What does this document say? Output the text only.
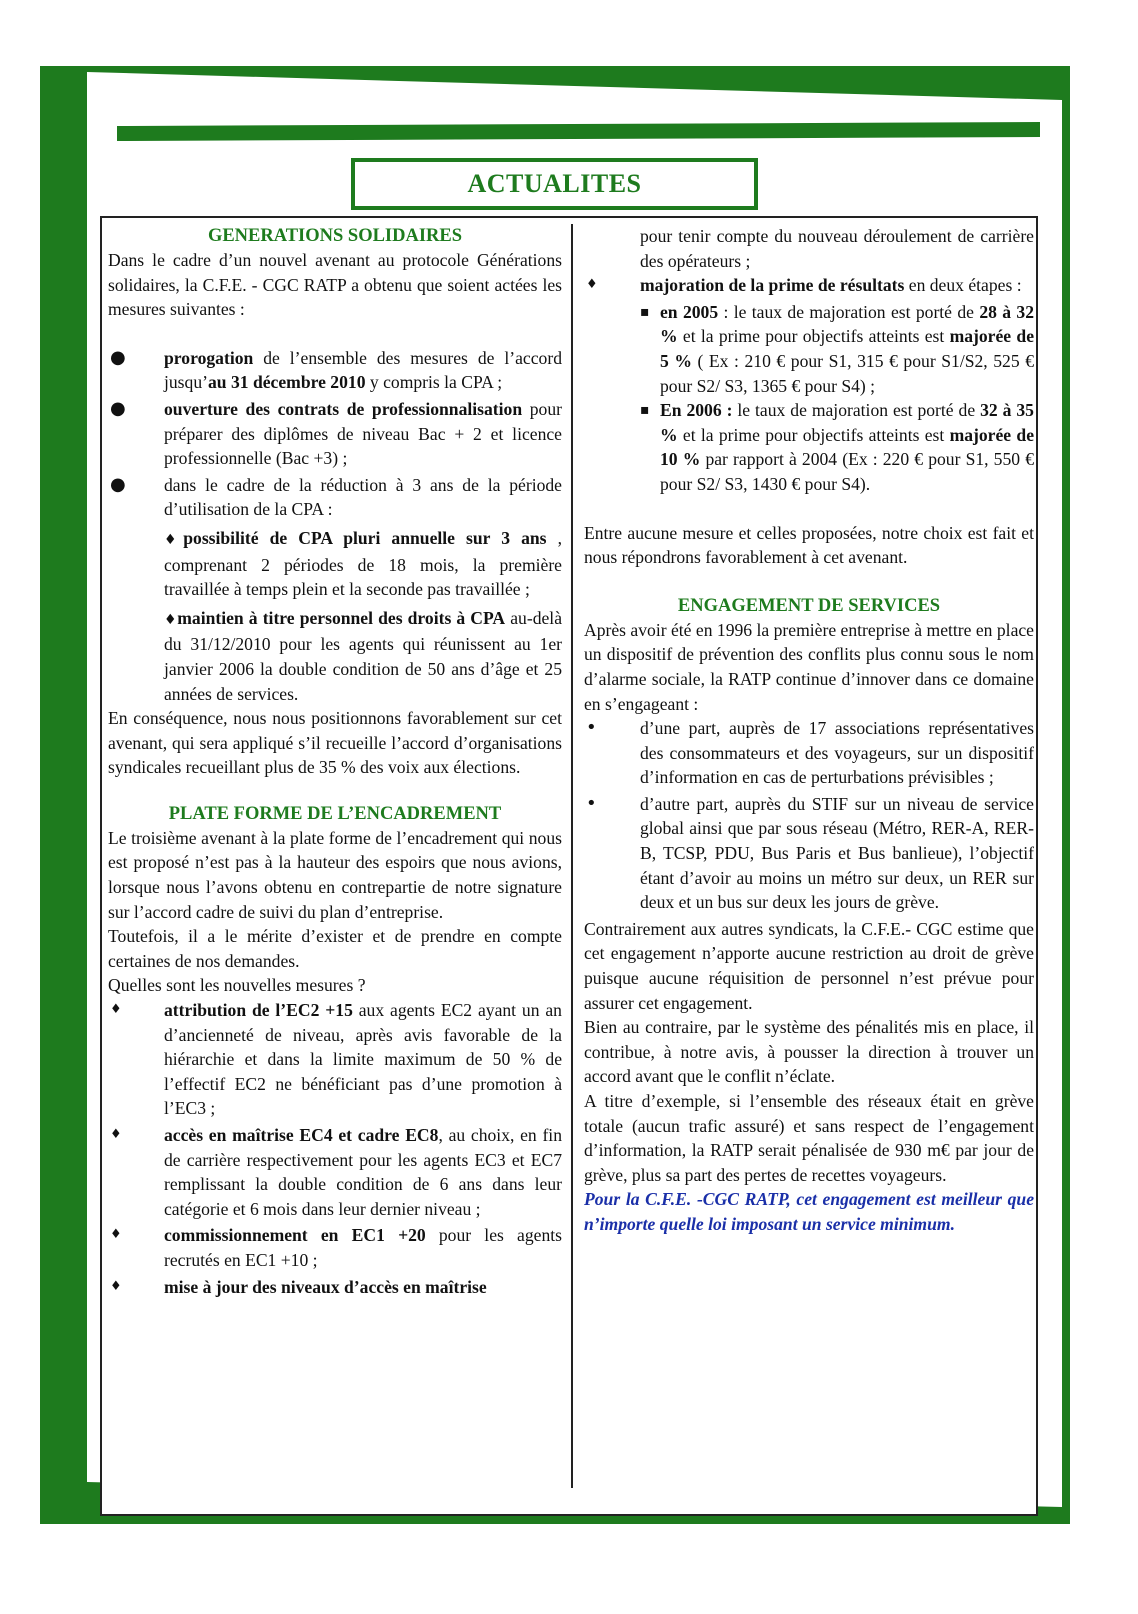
ACTUALITES
GENERATIONS SOLIDAIRES

Dans le cadre d’un nouvel avenant au protocole Générations solidaires, la C.F.E. - CGC RATP a obtenu que soient actées les mesures suivantes :

●	prorogation de l’ensemble des mesures de l’accord jusqu’au 31 décembre 2010 y compris la CPA ;
●	ouverture des contrats de professionnalisation pour préparer des diplômes de niveau Bac + 2 et licence professionnelle (Bac +3) ;
●	dans le cadre de la réduction à 3 ans de la période d’utilisation de la CPA :
♦possibilité de CPA pluri annuelle sur 3 ans , comprenant 2 périodes de 18 mois, la première travaillée à temps plein et la seconde pas travaillée ;
♦maintien à titre personnel des droits à CPA au-delà du 31/12/2010 pour les agents qui réunissent au 1er janvier 2006 la double condition de 50 ans d’âge et 25 années de services.

En conséquence, nous nous positionnons favorablement sur cet avenant, qui sera appliqué s’il recueille l’accord d’organisations syndicales recueillant plus de 35 % des voix aux élections.

PLATE FORME DE L’ENCADREMENT

Le troisième avenant à la plate forme de l’encadrement qui nous est proposé n’est pas à la hauteur des espoirs que nous avions, lorsque nous l’avons obtenu en contrepartie de notre signature sur l’accord cadre de suivi du plan d’entreprise.

Toutefois, il a le mérite d’exister et de prendre en compte certaines de nos demandes.

Quelles sont les nouvelles mesures ?

♦	attribution de l’EC2 +15 aux agents EC2 ayant un an d’ancienneté de niveau, après avis favorable de la hiérarchie et dans la limite maximum de 50 % de l’effectif EC2 ne bénéficiant pas d’une promotion à l’EC3 ;
♦	accès en maîtrise EC4 et cadre EC8, au choix, en fin de carrière respectivement pour les agents EC3 et EC7 remplissant la double condition de 6 ans dans leur catégorie et 6 mois dans leur dernier niveau ;
♦	commissionnement en EC1 +20 pour les agents recrutés en EC1 +10 ;
♦	mise à jour des niveaux d’accès en maîtrise

pour tenir compte du nouveau déroulement de carrière des opérateurs ;

♦	majoration de la prime de résultats en deux étapes :
▪ en 2005 : le taux de majoration est porté de 28 à 32 % et la prime pour objectifs atteints est majorée de 5 % ( Ex : 210 € pour S1, 315 € pour S1/S2, 525 € pour S2/ S3, 1365 € pour S4) ;
▪ En 2006 : le taux de majoration est porté de 32 à 35 % et la prime pour objectifs atteints est majorée de 10 % par rapport à 2004 (Ex : 220 € pour S1, 550 € pour S2/ S3, 1430 € pour S4).

Entre aucune mesure et celles proposées, notre choix est fait et nous répondrons favorablement à cet avenant.

ENGAGEMENT DE SERVICES

Après avoir été en 1996 la première entreprise à mettre en place un dispositif de prévention des conflits plus connu sous le nom d’alarme sociale, la RATP continue d’innover dans ce domaine en s’engageant :

•	d’une part, auprès de 17 associations représentatives des consommateurs et des voyageurs, sur un dispositif d’information en cas de perturbations prévisibles ;
•	d’autre part, auprès du STIF sur un niveau de service global ainsi que par sous réseau (Métro, RER-A, RER-B, TCSP, PDU, Bus Paris et Bus banlieue), l’objectif étant d’avoir au moins un métro sur deux, un RER sur deux et un bus sur deux les jours de grève.

Contrairement aux autres syndicats, la C.F.E.- CGC estime que cet engagement n’apporte aucune restriction au droit de grève puisque aucune réquisition de personnel n’est prévue pour assurer cet engagement.

Bien au contraire, par le système des pénalités mis en place, il contribue, à notre avis, à pousser la direction à trouver un accord avant que le conflit n’éclate.

A titre d’exemple, si l’ensemble des réseaux était en grève totale (aucun trafic assuré) et sans respect de l’engagement d’information, la RATP serait pénalisée de 930 m€ par jour de grève, plus sa part des pertes de recettes voyageurs.

Pour la C.F.E. -CGC RATP, cet engagement est meilleur que n’importe quelle loi imposant un service minimum.
